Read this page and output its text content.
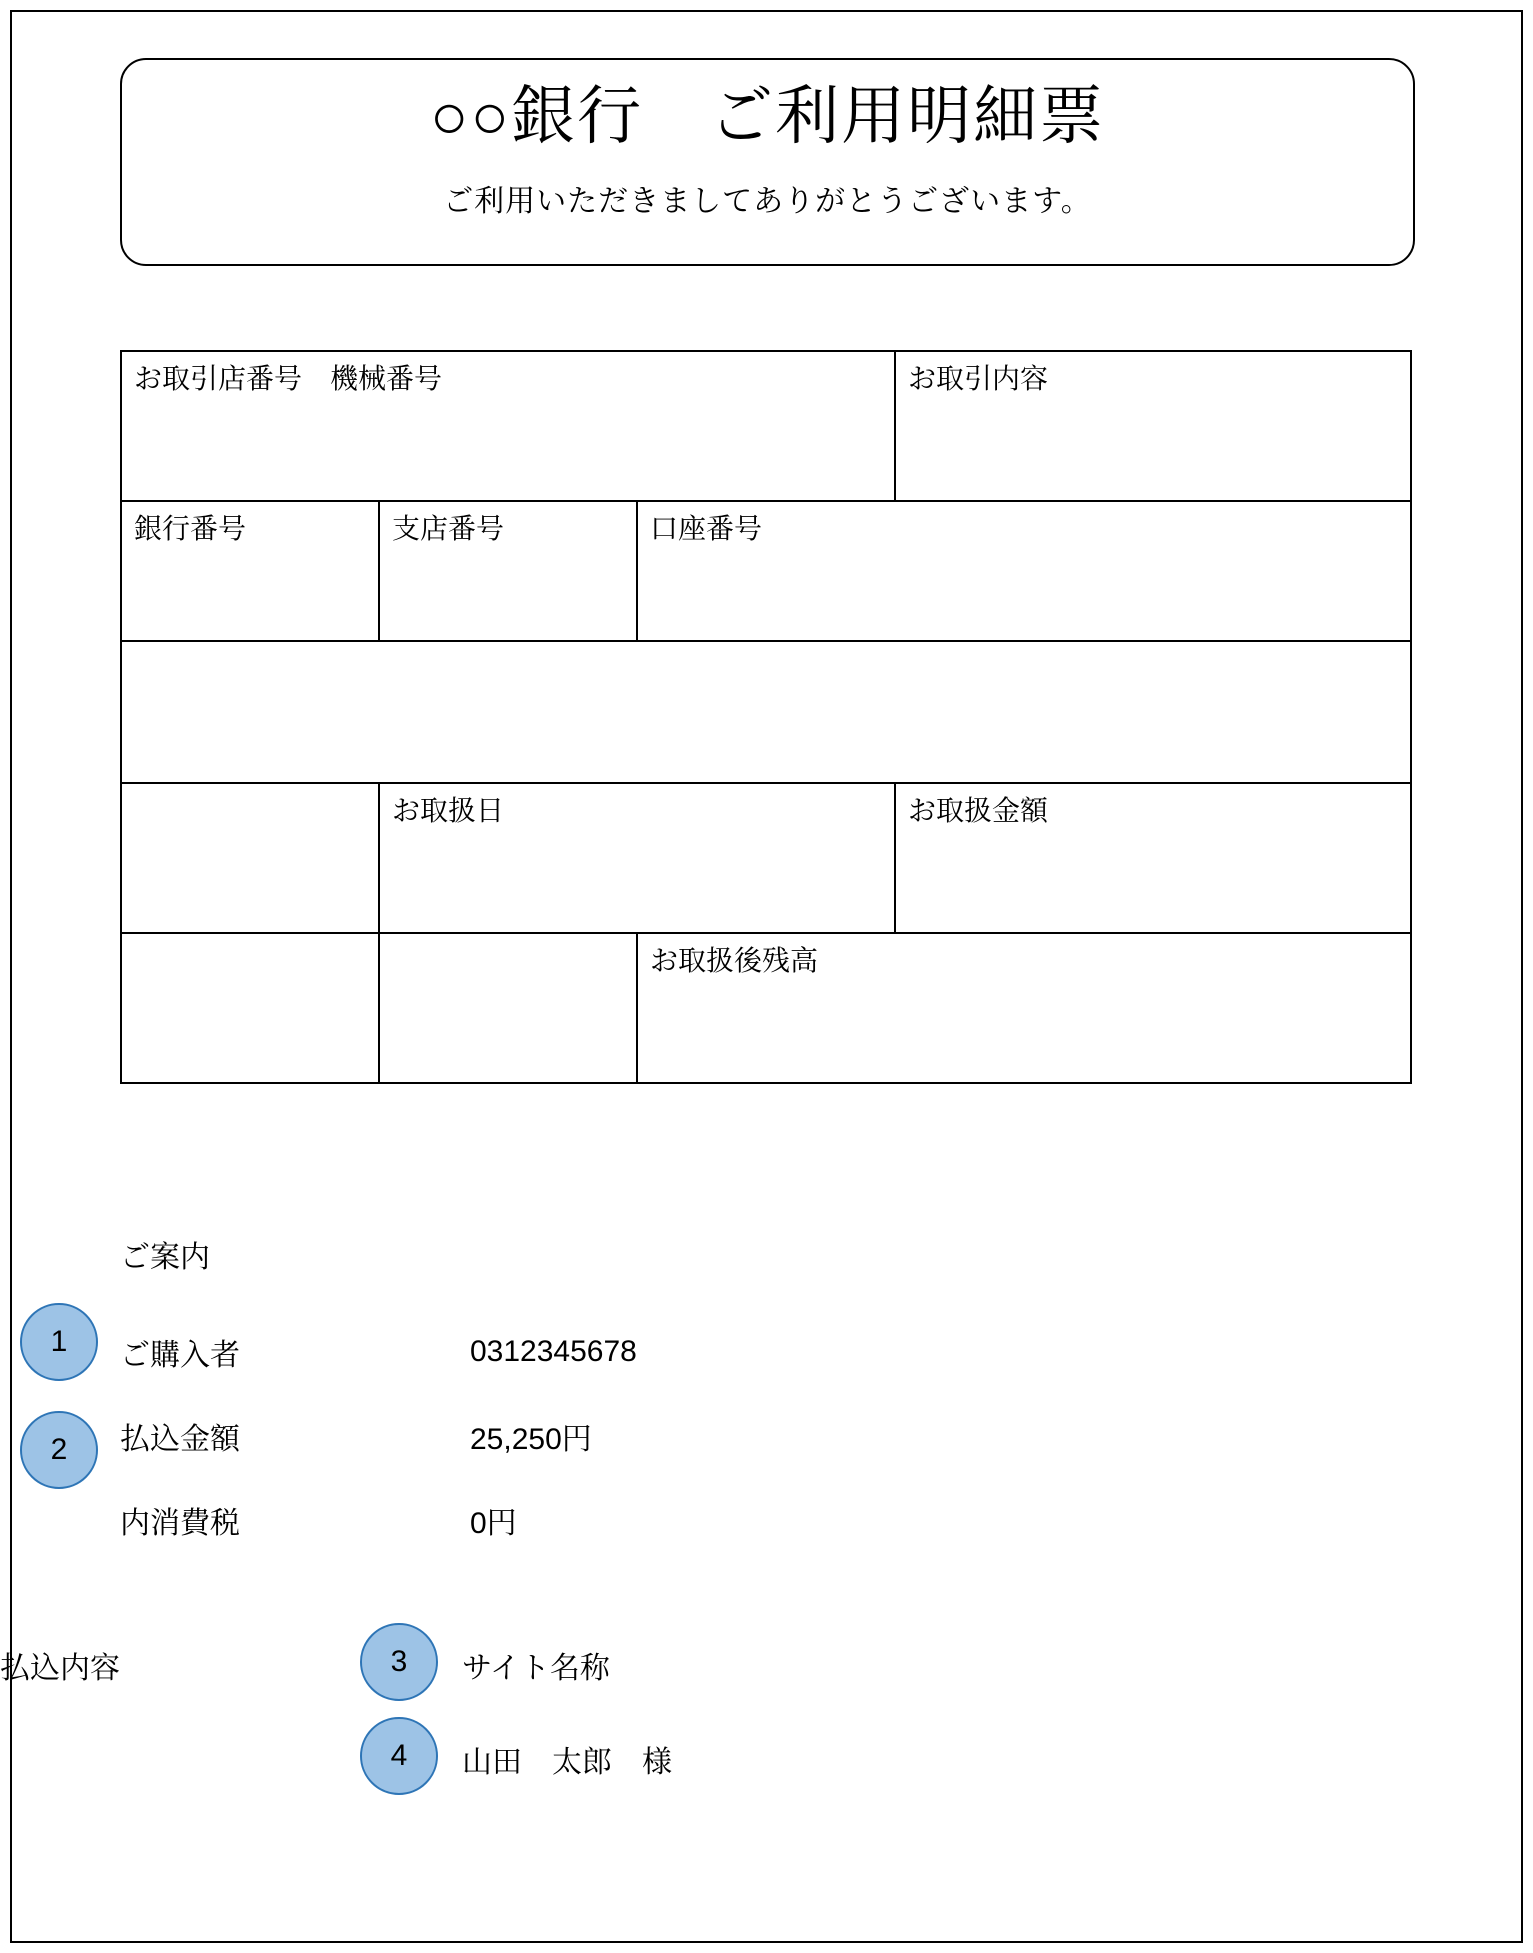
○○銀行　ご利用明細票
ご利用いただきましてありがとうございます。
お取引店番号　機械番号			お取引内容
銀行番号	支店番号	口座番号	

	お取扱日		お取扱金額
		お取扱後残高	
ご案内
ご購入者	0312345678
払込金額	25,250円
内消費税	0円
払込内容	サイト名称
山田　太郎　様
1
2
3
4
